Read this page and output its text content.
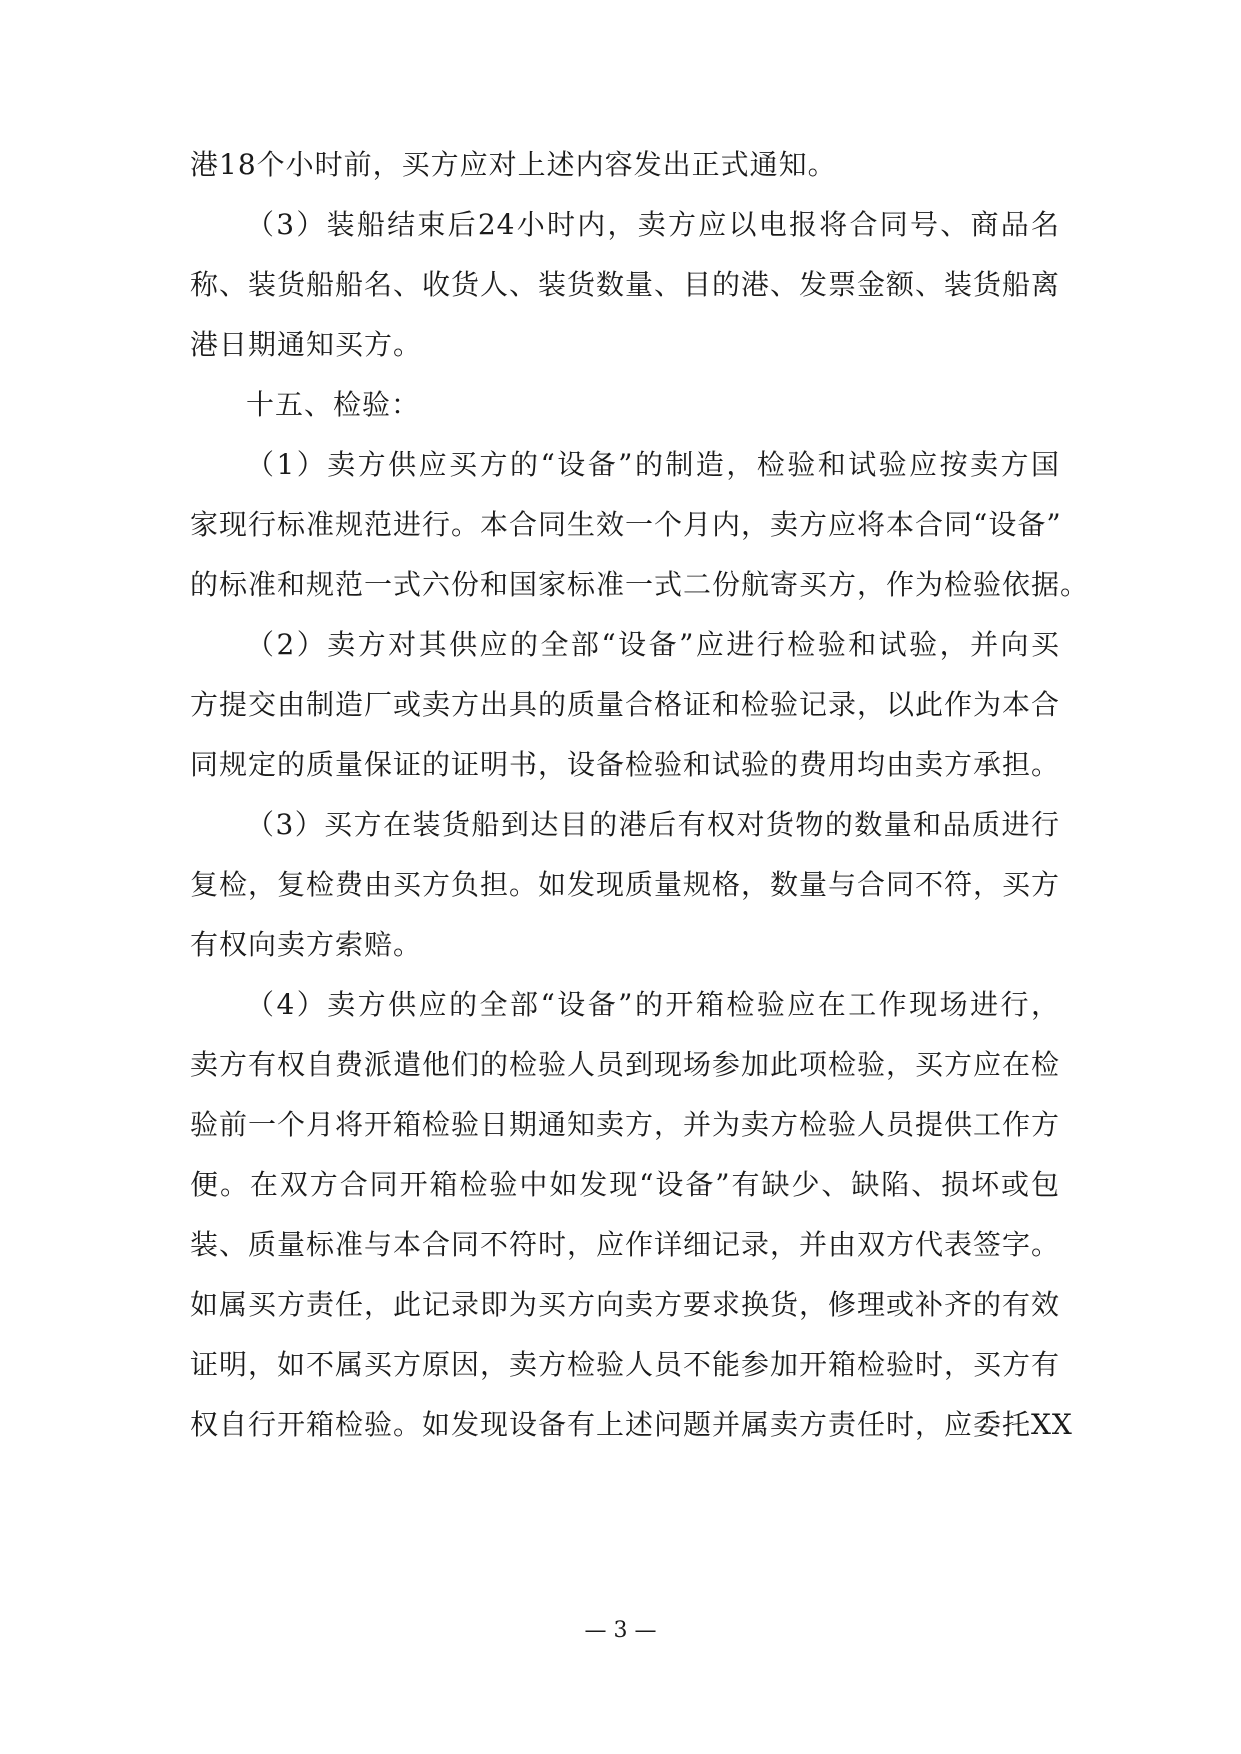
港18个小时前，买方应对上述内容发出正式通知。
（3）装船结束后24小时内，卖方应以电报将合同号、商品名
称、装货船船名、收货人、装货数量、目的港、发票金额、装货船离
港日期通知买方。
十五、检验：
（1）卖方供应买方的“设备”的制造，检验和试验应按卖方国
家现行标准规范进行。本合同生效一个月内，卖方应将本合同“设备”
的标准和规范一式六份和国家标准一式二份航寄买方，作为检验依据。
（2）卖方对其供应的全部“设备”应进行检验和试验，并向买
方提交由制造厂或卖方出具的质量合格证和检验记录，以此作为本合
同规定的质量保证的证明书，设备检验和试验的费用均由卖方承担。
（3）买方在装货船到达目的港后有权对货物的数量和品质进行
复检，复检费由买方负担。如发现质量规格，数量与合同不符，买方
有权向卖方索赔。
（4）卖方供应的全部“设备”的开箱检验应在工作现场进行，
卖方有权自费派遣他们的检验人员到现场参加此项检验，买方应在检
验前一个月将开箱检验日期通知卖方，并为卖方检验人员提供工作方
便。在双方合同开箱检验中如发现“设备”有缺少、缺陷、损坏或包
装、质量标准与本合同不符时，应作详细记录，并由双方代表签字。
如属买方责任，此记录即为买方向卖方要求换货，修理或补齐的有效
证明，如不属买方原因，卖方检验人员不能参加开箱检验时，买方有
权自行开箱检验。如发现设备有上述问题并属卖方责任时，应委托XX
— 3 —
